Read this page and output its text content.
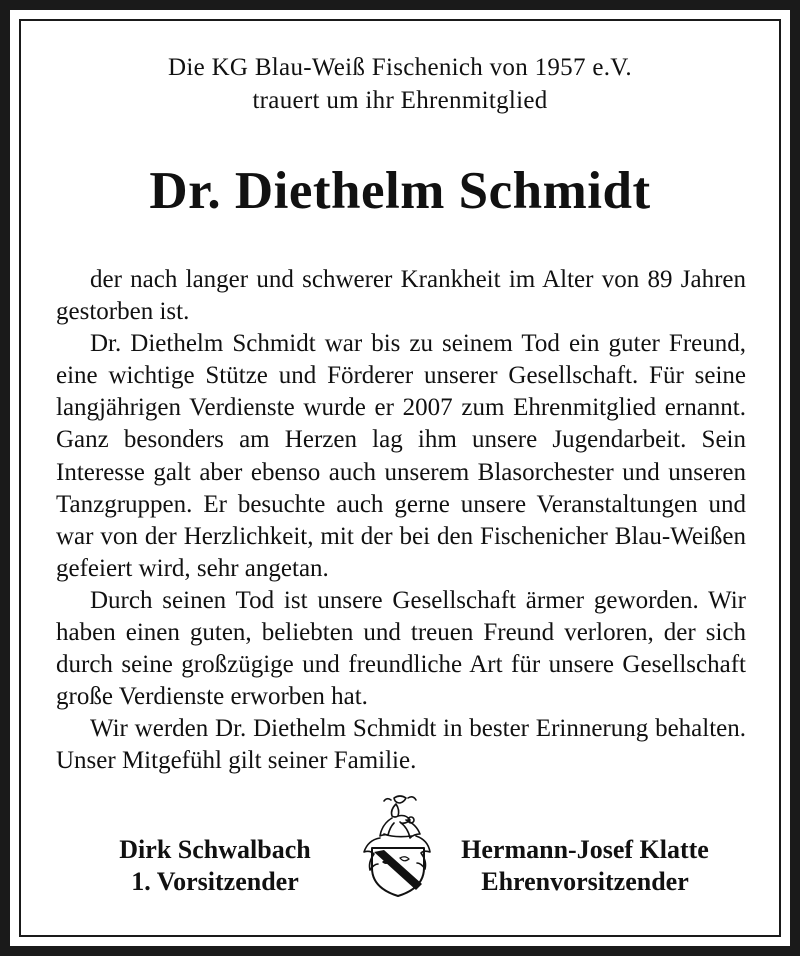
Die KG Blau-Weiß Fischenich von 1957 e.V.
trauert um ihr Ehrenmitglied
Dr. Diethelm Schmidt

der nach langer und schwerer Krankheit im Alter von 89 Jahren gestorben ist.

Dr. Diethelm Schmidt war bis zu seinem Tod ein guter Freund, eine wichtige Stütze und Förderer unserer Gesellschaft. Für seine langjährigen Verdienste wurde er 2007 zum Ehrenmitglied ernannt. Ganz besonders am Herzen lag ihm unsere Jugendarbeit. Sein Interesse galt aber ebenso auch unserem Blasorchester und unseren Tanzgruppen. Er besuchte auch gerne unsere Veranstaltungen und war von der Herzlichkeit, mit der bei den Fischenicher Blau-Weißen gefeiert wird, sehr angetan.

Durch seinen Tod ist unsere Gesellschaft ärmer geworden. Wir haben einen guten, beliebten und treuen Freund verloren, der sich durch seine großzügige und freundliche Art für unsere Gesellschaft große Verdienste erworben hat.

Wir werden Dr. Diethelm Schmidt in bester Erinnerung behalten. Unser Mitgefühl gilt seiner Familie.

Dirk Schwalbach
1. Vorsitzender
Hermann-Josef Klatte
Ehrenvorsitzender
